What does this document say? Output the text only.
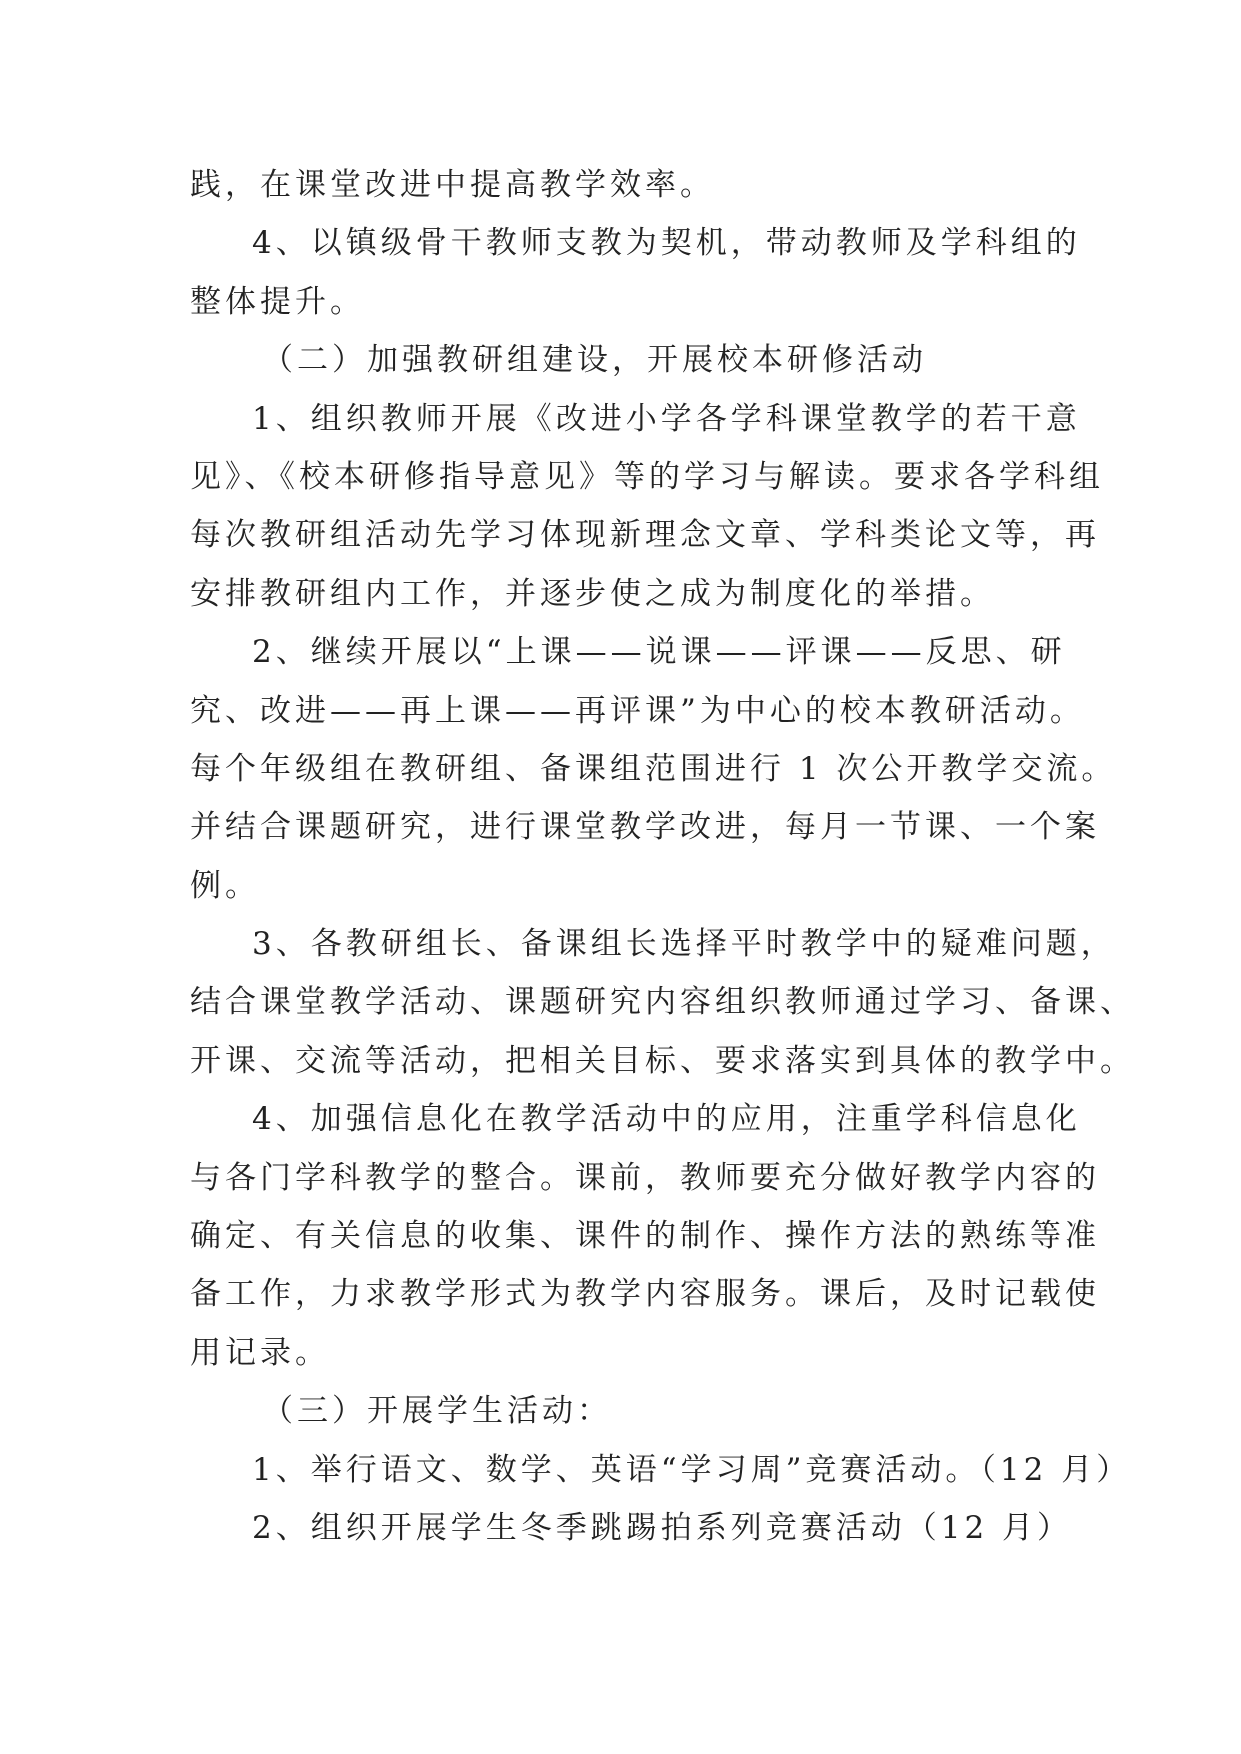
践，在课堂改进中提高教学效率。
4、以镇级骨干教师支教为契机，带动教师及学科组的
整体提升。
（二）加强教研组建设，开展校本研修活动
1、组织教师开展《改进小学各学科课堂教学的若干意
见》、《校本研修指导意见》等的学习与解读。要求各学科组
每次教研组活动先学习体现新理念文章、学科类论文等，再
安排教研组内工作，并逐步使之成为制度化的举措。
2、继续开展以“上课——说课——评课——反思、研
究、改进——再上课——再评课”为中心的校本教研活动。
每个年级组在教研组、备课组范围进行 1 次公开教学交流。
并结合课题研究，进行课堂教学改进，每月一节课、一个案
例。
3、各教研组长、备课组长选择平时教学中的疑难问题，
结合课堂教学活动、课题研究内容组织教师通过学习、备课、
开课、交流等活动，把相关目标、要求落实到具体的教学中。
4、加强信息化在教学活动中的应用，注重学科信息化
与各门学科教学的整合。课前，教师要充分做好教学内容的
确定、有关信息的收集、课件的制作、操作方法的熟练等准
备工作，力求教学形式为教学内容服务。课后，及时记载使
用记录。
（三）开展学生活动：
1、举行语文、数学、英语“学习周”竞赛活动。（12 月）
2、组织开展学生冬季跳踢拍系列竞赛活动（12 月）
